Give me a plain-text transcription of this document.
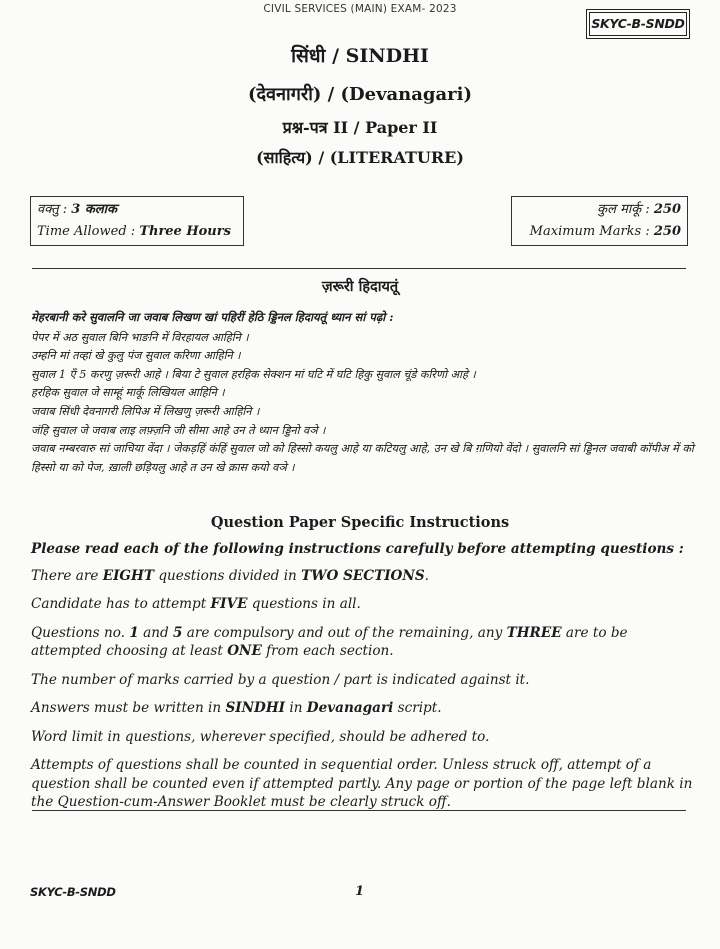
CIVIL SERVICES (MAIN) EXAM- 2023
SKYC-B-SNDD
सिंधी / SINDHI
(देवनागरी) / (Devanagari)
प्रश्न-पत्र II / Paper II
(साहित्य) / (LITERATURE)
वक्तु : 3 कलाक
Time Allowed : Three Hours
कुल मार्कू : 250
Maximum Marks : 250
ज़रूरी हिदायतूं

मेहरबानी करे सुवालनि जा जवाब लिखण खां पहिरीं हेठि ड्डिनल हिदायतूं ध्यान सां पढ़ो :

पेपर में अठ सुवाल बिनि भाङनि में विरहायल आहिनि ।

उम्हनि मां तव्हां खे कुलु पंज सुवाल करिणा आहिनि ।

सुवाल 1 एँ 5 करणु ज़रूरी आहे । बिया टे सुवाल हरहिक सेक्शन मां घटि में घटि हिकु सुवाल चूंडे करिणो आहे ।

हरहिक सुवाल जे साम्हूं मार्कू लिखियल आहिनि ।

जवाब सिंधी देवनागरी लिपिअ में लिखणु ज़रूरी आहिनि ।

जंहि सुवाल जे जवाब लाइ लफ़्ज़नि जी सीमा आहे उन ते ध्यान ड्डिनो वञे ।

जवाब नम्बरवारु सां जाचिया वेंदा । जेकड़हिं कंहिं सुवाल जो को हिस्सो कयलु आहे या कटियलु आहे, उन खे बि ग़णियो वेंदो । सुवालनि सां ड्डिनल जवाबी कॉपीअ में को हिस्सो या को पेज, ख़ाली छड़ियलु आहे त उन खे क्रास कयो वञे ।

Question Paper Specific Instructions

Please read each of the following instructions carefully before attempting questions :

There are EIGHT questions divided in TWO SECTIONS.

Candidate has to attempt FIVE questions in all.

Questions no. 1 and 5 are compulsory and out of the remaining, any THREE are to be attempted choosing at least ONE from each section.

The number of marks carried by a question / part is indicated against it.

Answers must be written in SINDHI in Devanagari script.

Word limit in questions, wherever specified, should be adhered to.

Attempts of questions shall be counted in sequential order. Unless struck off, attempt of a question shall be counted even if attempted partly. Any page or portion of the page left blank in the Question-cum-Answer Booklet must be clearly struck off.

SKYC-B-SNDD	1
